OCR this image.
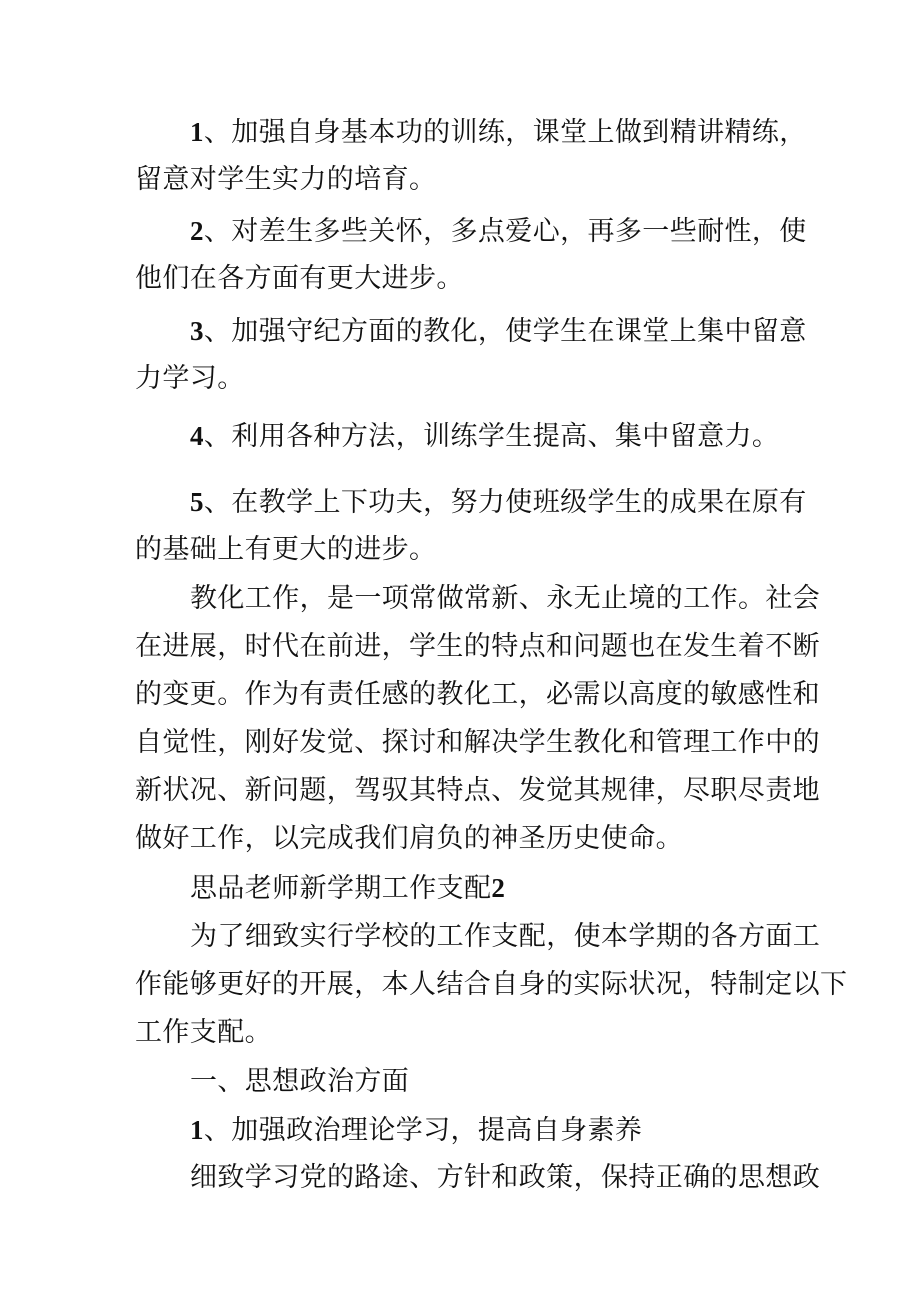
1、加强自身基本功的训练，课堂上做到精讲精练，
留意对学生实力的培育。
2、对差生多些关怀，多点爱心，再多一些耐性，使
他们在各方面有更大进步。
3、加强守纪方面的教化，使学生在课堂上集中留意
力学习。
4、利用各种方法，训练学生提高、集中留意力。
5、在教学上下功夫，努力使班级学生的成果在原有
的基础上有更大的进步。
教化工作，是一项常做常新、永无止境的工作。社会
在进展，时代在前进，学生的特点和问题也在发生着不断
的变更。作为有责任感的教化工，必需以高度的敏感性和
自觉性，刚好发觉、探讨和解决学生教化和管理工作中的
新状况、新问题，驾驭其特点、发觉其规律，尽职尽责地
做好工作，以完成我们肩负的神圣历史使命。
思品老师新学期工作支配2
为了细致实行学校的工作支配，使本学期的各方面工
作能够更好的开展，本人结合自身的实际状况，特制定以下
工作支配。
一、思想政治方面
1、加强政治理论学习，提高自身素养
细致学习党的路途、方针和政策，保持正确的思想政
